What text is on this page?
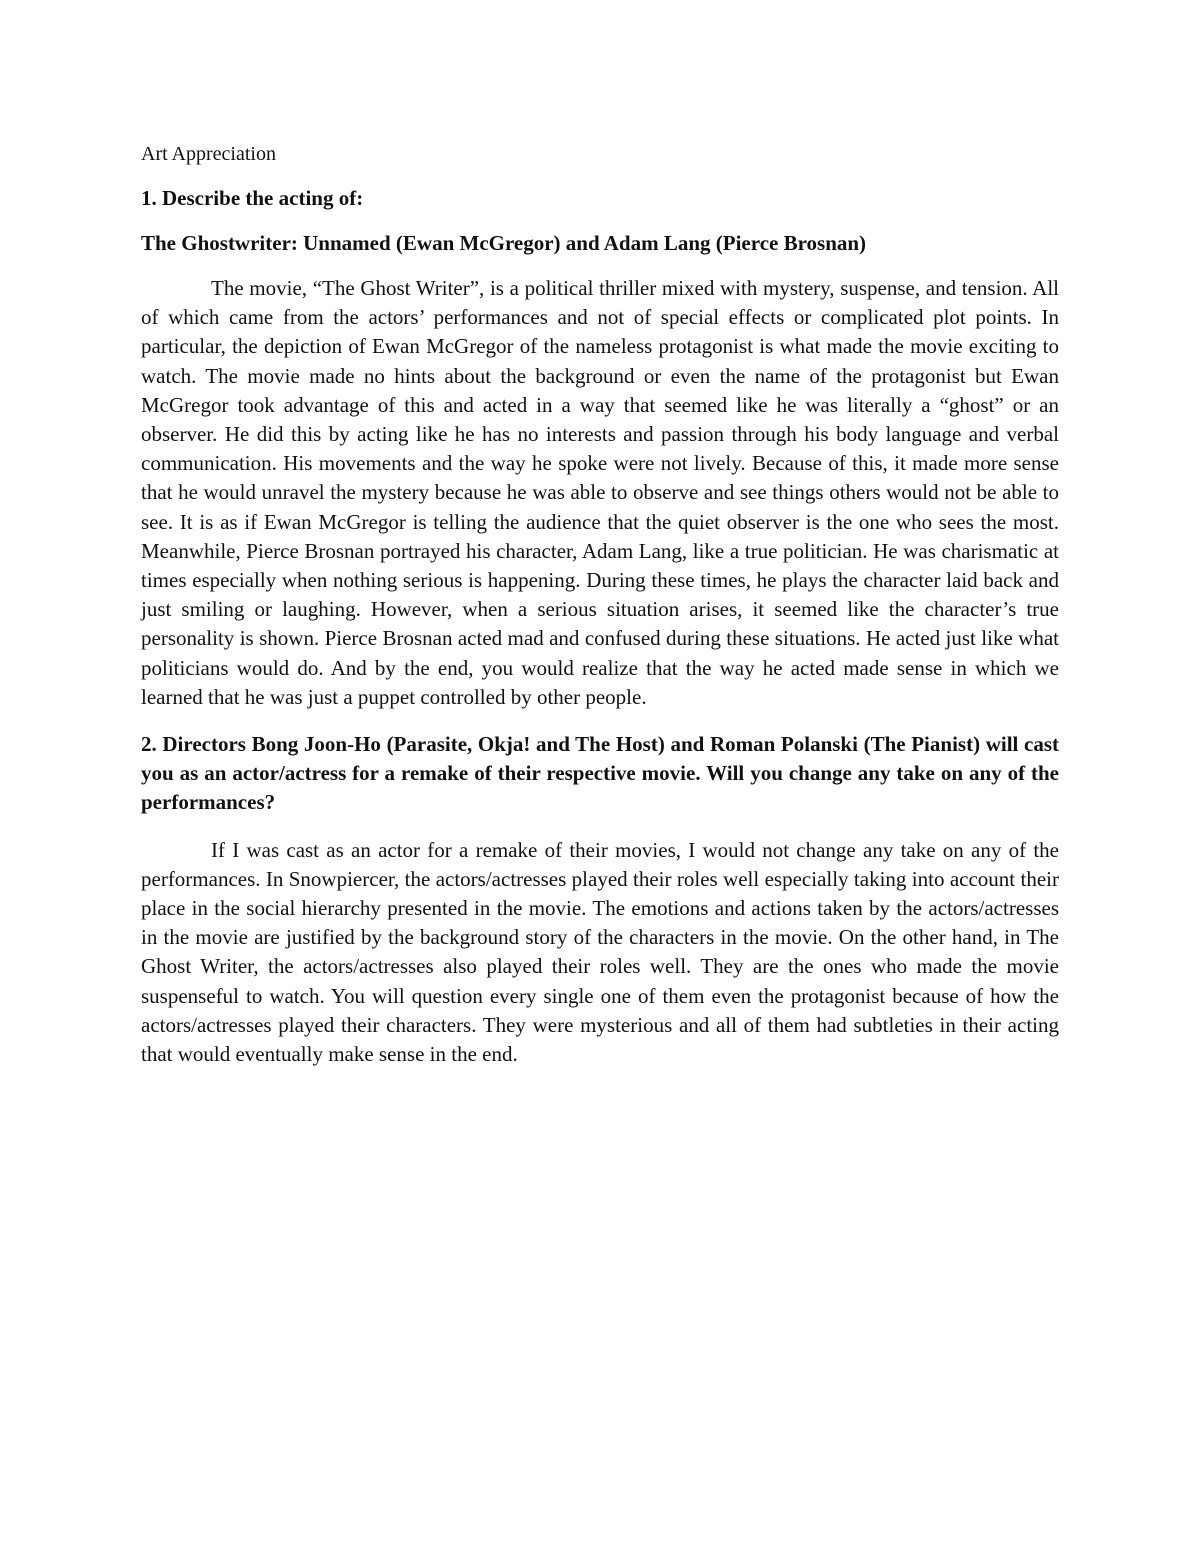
Art Appreciation

1. Describe the acting of:

The Ghostwriter: Unnamed (Ewan McGregor) and Adam Lang (Pierce Brosnan)

The movie, “The Ghost Writer”, is a political thriller mixed with mystery, suspense, and tension. All of which came from the actors’ performances and not of special effects or complicated plot points. In particular, the depiction of Ewan McGregor of the nameless protagonist is what made the movie exciting to watch. The movie made no hints about the background or even the name of the protagonist but Ewan McGregor took advantage of this and acted in a way that seemed like he was literally a “ghost” or an observer. He did this by acting like he has no interests and passion through his body language and verbal communication. His movements and the way he spoke were not lively. Because of this, it made more sense that he would unravel the mystery because he was able to observe and see things others would not be able to see. It is as if Ewan McGregor is telling the audience that the quiet observer is the one who sees the most. Meanwhile, Pierce Brosnan portrayed his character, Adam Lang, like a true politician. He was charismatic at times especially when nothing serious is happening. During these times, he plays the character laid back and just smiling or laughing. However, when a serious situation arises, it seemed like the character’s true personality is shown. Pierce Brosnan acted mad and confused during these situations. He acted just like what politicians would do. And by the end, you would realize that the way he acted made sense in which we learned that he was just a puppet controlled by other people.

2. Directors Bong Joon-Ho (Parasite, Okja! and The Host) and Roman Polanski (The Pianist) will cast you as an actor/actress for a remake of their respective movie. Will you change any take on any of the performances?

If I was cast as an actor for a remake of their movies, I would not change any take on any of the performances. In Snowpiercer, the actors/actresses played their roles well especially taking into account their place in the social hierarchy presented in the movie. The emotions and actions taken by the actors/actresses in the movie are justified by the background story of the characters in the movie. On the other hand, in The Ghost Writer, the actors/actresses also played their roles well. They are the ones who made the movie suspenseful to watch. You will question every single one of them even the protagonist because of how the actors/actresses played their characters. They were mysterious and all of them had subtleties in their acting that would eventually make sense in the end.
